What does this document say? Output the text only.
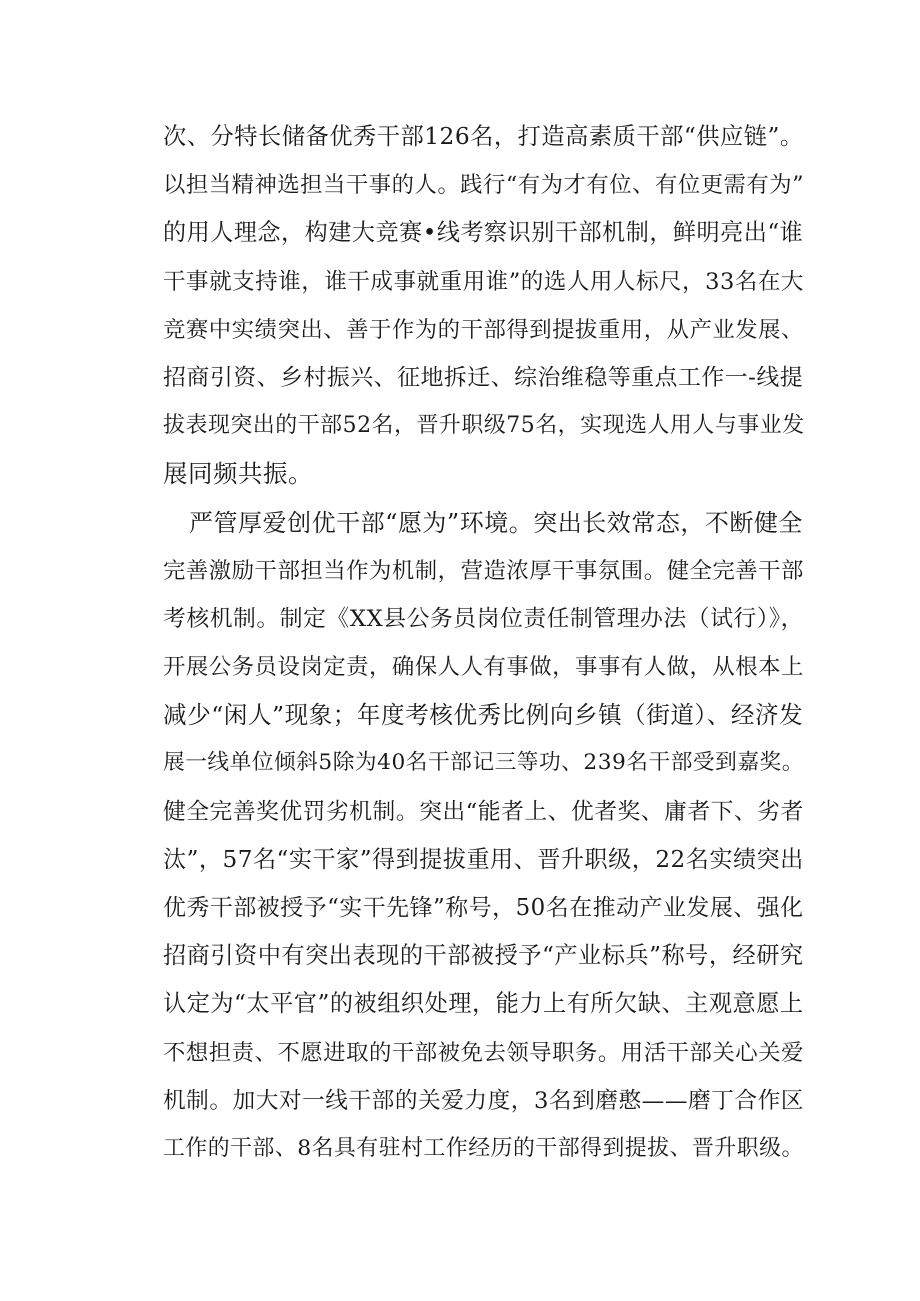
次、分特长储备优秀干部126名，打造高素质干部“供应链”。
以担当精神选担当干事的人。践行“有为才有位、有位更需有为”
的用人理念，构建大竞赛•线考察识别干部机制，鲜明亮出“谁
干事就支持谁，谁干成事就重用谁”的选人用人标尺，33名在大
竞赛中实绩突出、善于作为的干部得到提拔重用，从产业发展、
招商引资、乡村振兴、征地拆迁、综治维稳等重点工作一-线提
拔表现突出的干部52名，晋升职级75名，实现选人用人与事业发
展同频共振。
严管厚爱创优干部“愿为”环境。突出长效常态，不断健全
完善激励干部担当作为机制，营造浓厚干事氛围。健全完善干部
考核机制。制定《XX县公务员岗位责任制管理办法（试行）》，
开展公务员设岗定责，确保人人有事做，事事有人做，从根本上
减少“闲人”现象；年度考核优秀比例向乡镇（街道）、经济发
展一线单位倾斜5除为40名干部记三等功、239名干部受到嘉奖。
健全完善奖优罚劣机制。突出“能者上、优者奖、庸者下、劣者
汰”，57名“实干家”得到提拔重用、晋升职级，22名实绩突出
优秀干部被授予“实干先锋”称号，50名在推动产业发展、强化
招商引资中有突出表现的干部被授予“产业标兵”称号，经研究
认定为“太平官”的被组织处理，能力上有所欠缺、主观意愿上
不想担责、不愿进取的干部被免去领导职务。用活干部关心关爱
机制。加大对一线干部的关爱力度，3名到磨憨——磨丁合作区
工作的干部、8名具有驻村工作经历的干部得到提拔、晋升职级。
